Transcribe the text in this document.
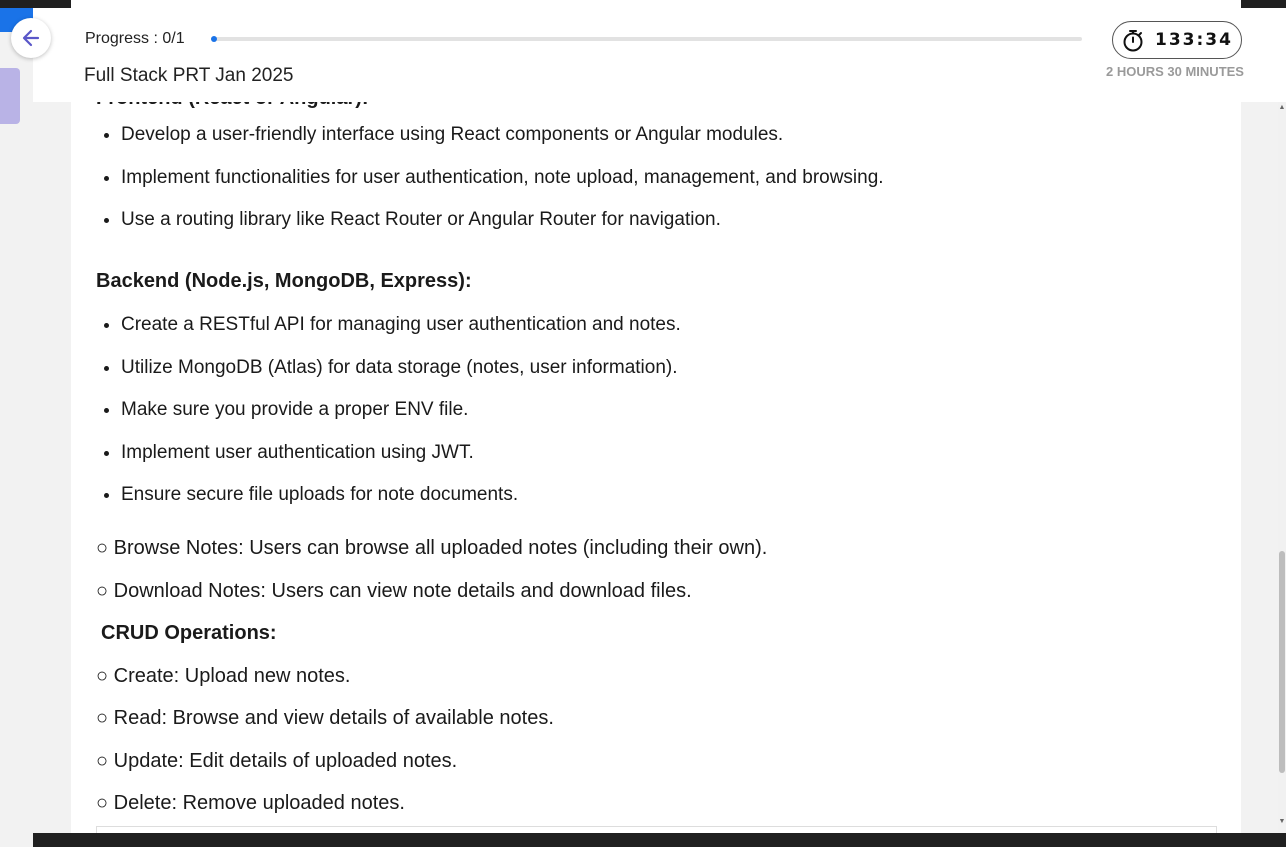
• Develop a user-friendly interface using React components or Angular modules.
• Implement functionalities for user authentication, note upload, management, and browsing.
• Use a routing library like React Router or Angular Router for navigation.
Backend (Node.js, MongoDB, Express):
• Create a RESTful API for managing user authentication and notes.
• Utilize MongoDB (Atlas) for data storage (notes, user information).
• Make sure you provide a proper ENV file.
• Implement user authentication using JWT.
• Ensure secure file uploads for note documents.
○ Browse Notes: Users can browse all uploaded notes (including their own).
○ Download Notes: Users can view note details and download files.
CRUD Operations:
○ Create: Upload new notes.
○ Read: Browse and view details of available notes.
○ Update: Edit details of uploaded notes.
○ Delete: Remove uploaded notes.
Progress : 0/1
Full Stack PRT Jan 2025
133:34
2 HOURS 30 MINUTES
▲
▼
